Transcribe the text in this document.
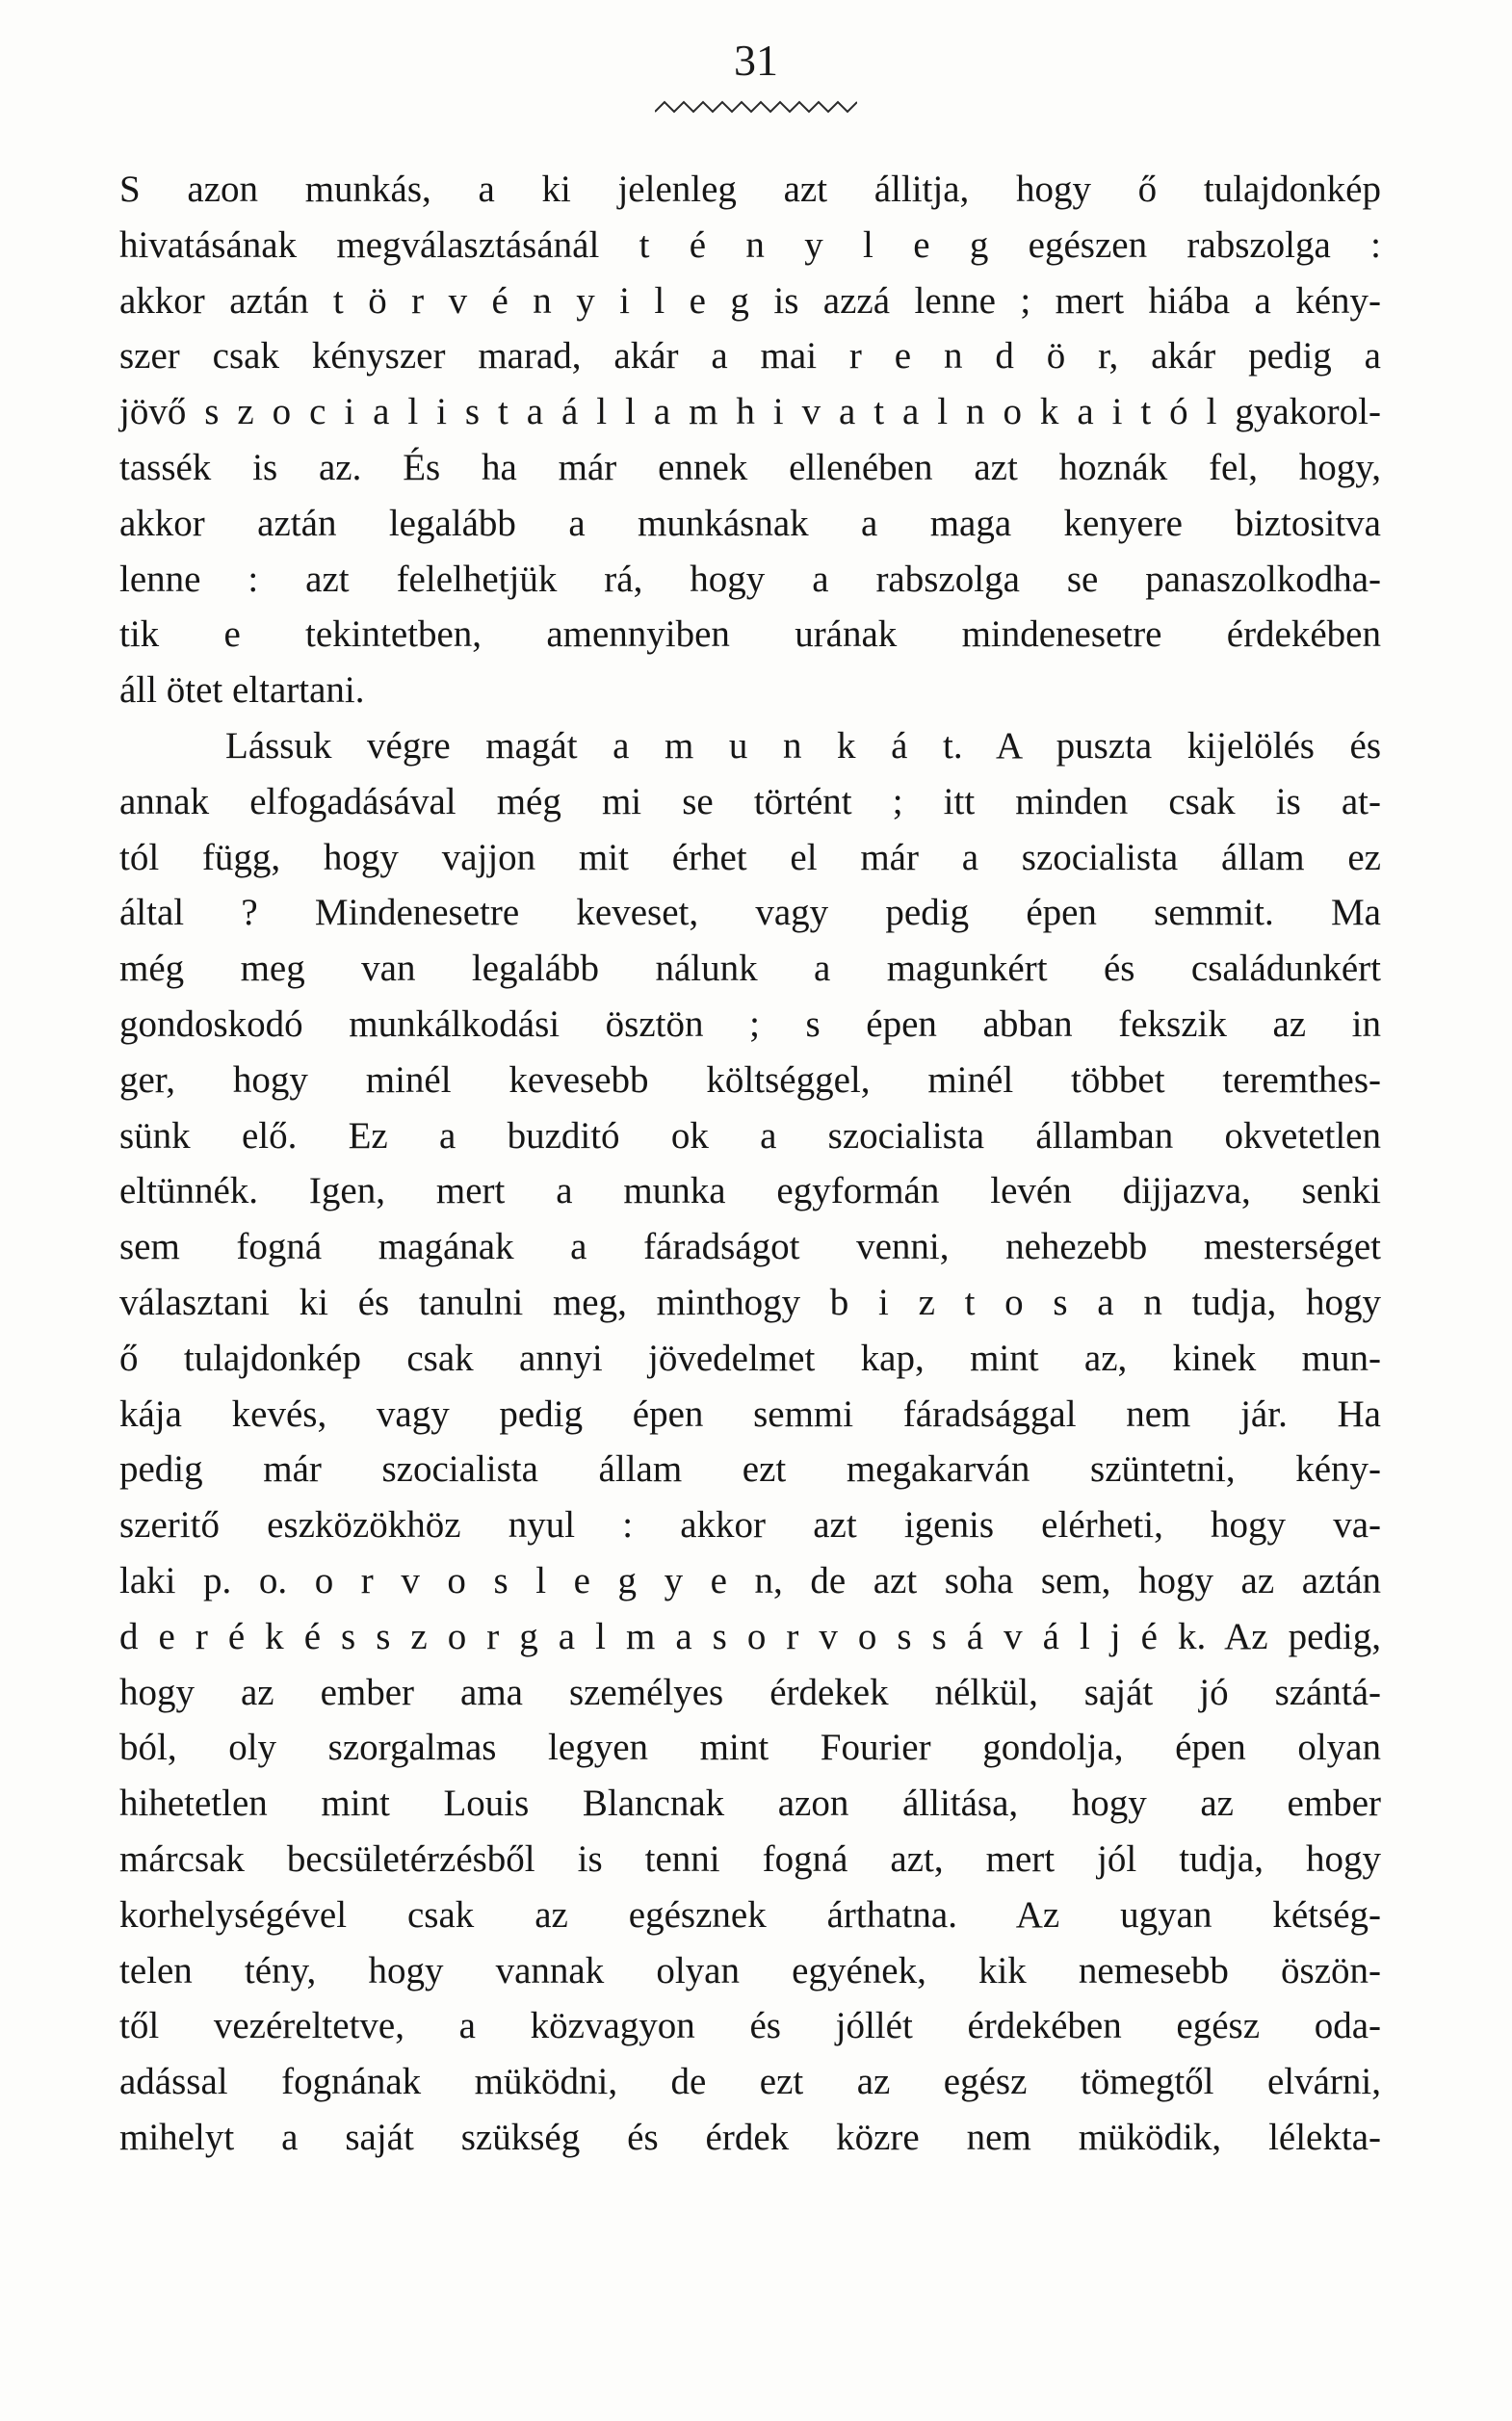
31
S azon munkás, a ki jelenleg azt állitja, hogy ő tulajdonkép
hivatásának megválasztásánál t é n y l e g egészen rabszolga :
akkor aztán t ö r v é n y i l e g is azzá lenne ; mert hiába a kény-
szer csak kényszer marad, akár a mai r e n d ö r, akár pedig a
jövő s z o c i a l i s t a á l l a m h i v a t a l n o k a i t ó l gyakorol-
tassék is az. És ha már ennek ellenében azt hoznák fel, hogy,
akkor aztán legalább a munkásnak a maga kenyere biztositva
lenne : azt felelhetjük rá, hogy a rabszolga se panaszolkodha-
tik e tekintetben, amennyiben urának mindenesetre érdekében
áll ötet eltartani.
Lássuk végre magát a m u n k á t. A puszta kijelölés és
annak elfogadásával még mi se történt ; itt minden csak is at-
tól függ, hogy vajjon mit érhet el már a szocialista állam ez
által ? Mindenesetre keveset, vagy pedig épen semmit. Ma
még meg van legalább nálunk a magunkért és családunkért
gondoskodó munkálkodási ösztön ; s épen abban fekszik az in
ger, hogy minél kevesebb költséggel, minél többet teremthes-
sünk elő. Ez a buzditó ok a szocialista államban okvetetlen
eltünnék. Igen, mert a munka egyformán levén dijjazva, senki
sem fogná magának a fáradságot venni, nehezebb mesterséget
választani ki és tanulni meg, minthogy b i z t o s a n tudja, hogy
ő tulajdonkép csak annyi jövedelmet kap, mint az, kinek mun-
kája kevés, vagy pedig épen semmi fáradsággal nem jár. Ha
pedig már szocialista állam ezt megakarván szüntetni, kény-
szeritő eszközökhöz nyul : akkor azt igenis elérheti, hogy va-
laki p. o. o r v o s l e g y e n, de azt soha sem, hogy az aztán
d e r é k é s s z o r g a l m a s o r v o s s á v á l j é k. Az pedig,
hogy az ember ama személyes érdekek nélkül, saját jó szántá-
ból, oly szorgalmas legyen mint Fourier gondolja, épen olyan
hihetetlen mint Louis Blancnak azon állitása, hogy az ember
márcsak becsületérzésből is tenni fogná azt, mert jól tudja, hogy
korhelységével csak az egésznek árthatna. Az ugyan kétség-
telen tény, hogy vannak olyan egyének, kik nemesebb öszön-
től vezéreltetve, a közvagyon és jóllét érdekében egész oda-
adással fognának müködni, de ezt az egész tömegtől elvárni,
mihelyt a saját szükség és érdek közre nem müködik, lélekta-
